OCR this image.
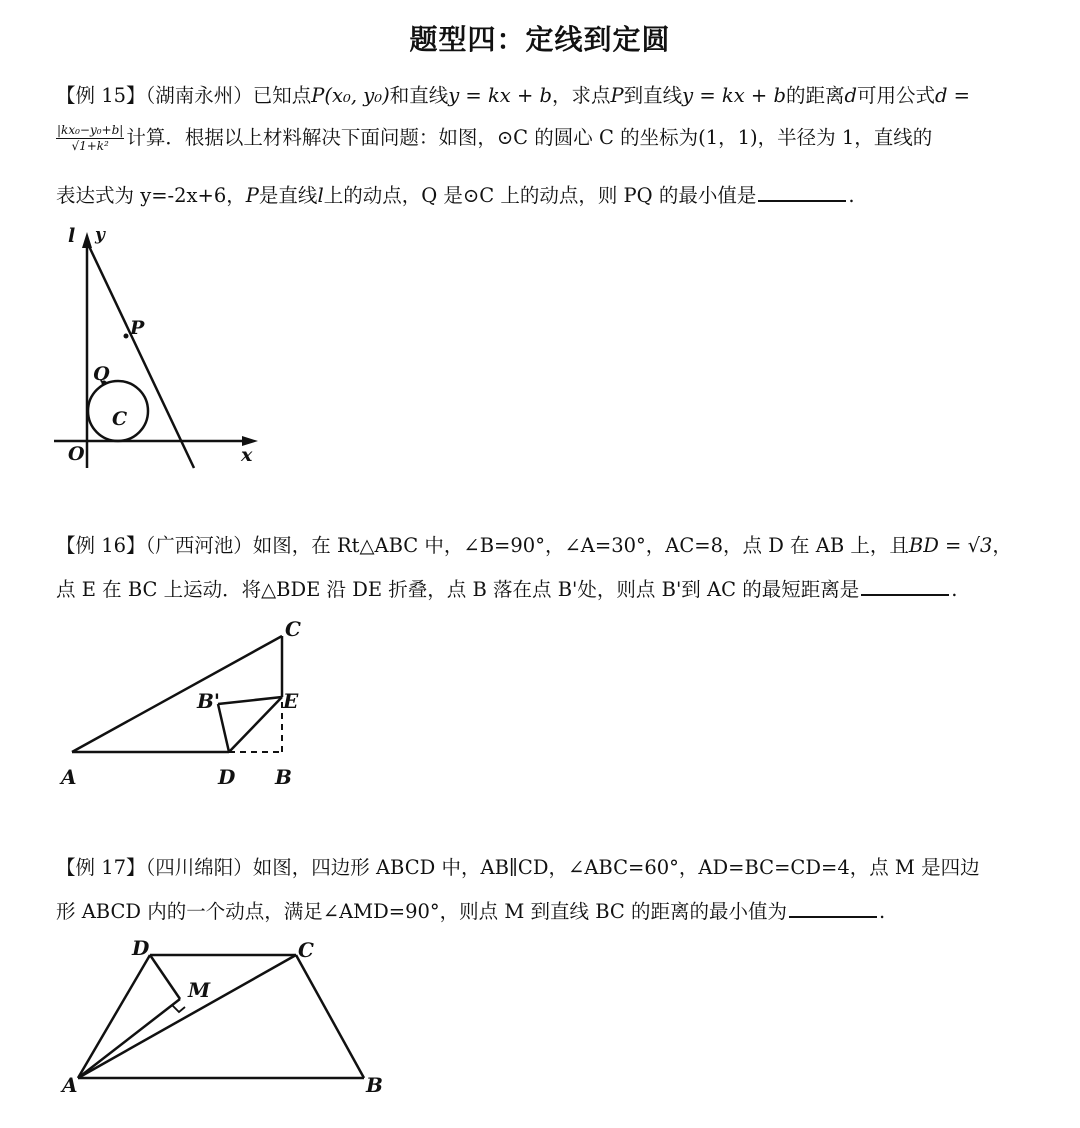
题型四：定线到定圆
【例 15】（湖南永州）已知点P(x₀, y₀)和直线y = kx + b，求点P到直线y = kx + b的距离d可用公式d =
$\frac{\text{|kx₀−y₀+b|}}{\text{√1+k²}}$ 计算．根据以上材料解决下面问题：如图，⊙C 的圆心 C 的坐标为(1，1)，半径为 1，直线的
表达式为 y=-2x+6，P是直线l上的动点，Q 是⊙C 上的动点，则 PQ 的最小值是	.
l y
P
Q
C
O	x
【例 16】（广西河池）如图，在 Rt△ABC 中，∠B=90°，∠A=30°，AC=8，点 D 在 AB 上，且BD = √3，
点 E 在 BC 上运动．将△BDE 沿 DE 折叠，点 B 落在点 B'处，则点 B'到 AC 的最短距离是	.
A	D B
C
E
B'
【例 17】（四川绵阳）如图，四边形 ABCD 中，AB∥CD，∠ABC=60°，AD=BC=CD=4，点 M 是四边
形 ABCD 内的一个动点，满足∠AMD=90°，则点 M 到直线 BC 的距离的最小值为	.
A	B
C
D
M
